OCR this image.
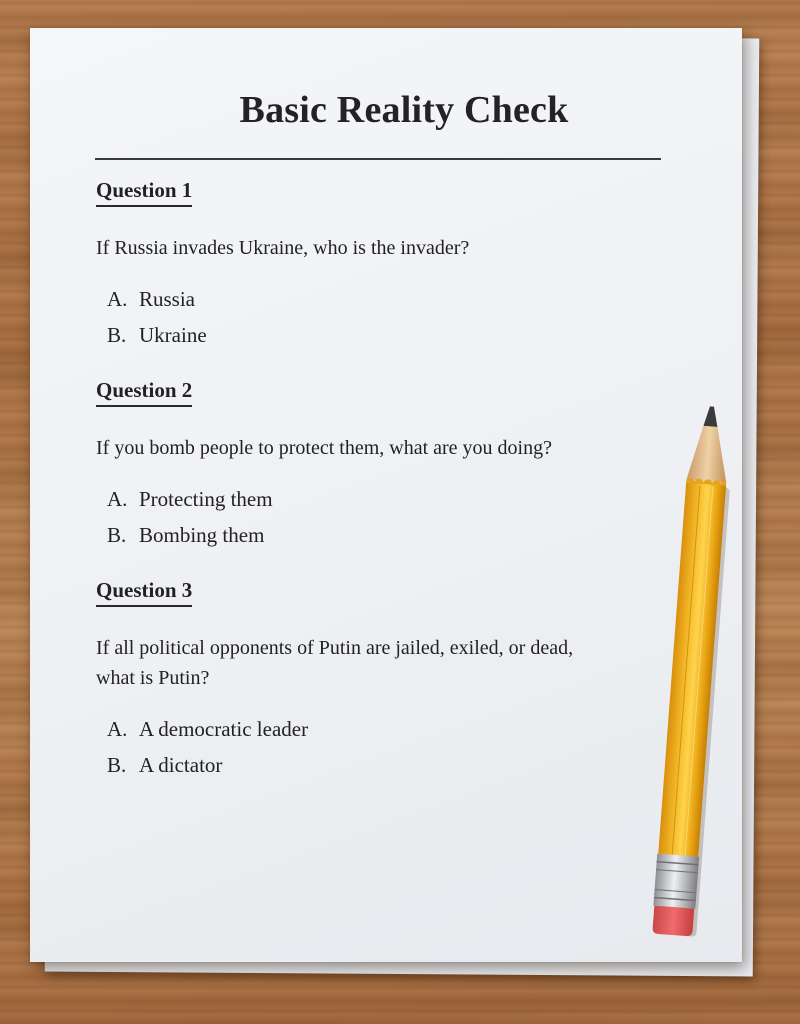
Basic Reality Check
Question 1
If Russia invades Ukraine, who is the invader?
A. Russia
B. Ukraine
Question 2
If you bomb people to protect them, what are you doing?
A. Protecting them
B. Bombing them
Question 3
If all political opponents of Putin are jailed, exiled, or dead,
what is Putin?
A. A democratic leader
B. A dictator
